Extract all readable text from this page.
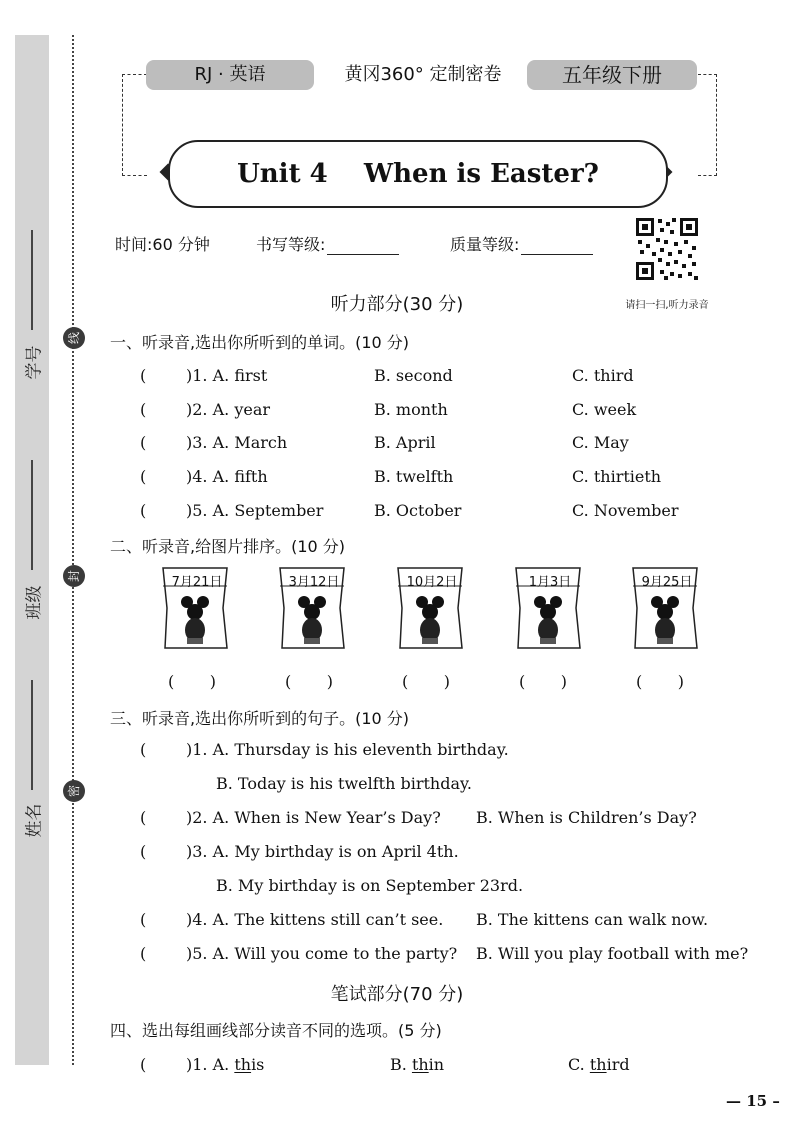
学号
班级
姓名
线
封
密
RJ · 英语	黄冈360° 定制密卷	五年级下册
Unit 4    When is Easter?
时间:60 分钟	书写等级:	质量等级:
请扫一扫,听力录音
听力部分(30 分)
一、听录音,选出你所听到的单词。(10 分)
( )1. A. first	B. second	C. third
( )2. A. year	B. month	C. week
( )3. A. March	B. April	C. May
( )4. A. fifth	B. twelfth	C. thirtieth
( )5. A. September	B. October	C. November
二、听录音,给图片排序。(10 分)
7月21日	3月12日	10月2日	1月3日	9月25日
(       )	(       )	(       )	(       )	(       )
三、听录音,选出你所听到的句子。(10 分)
( )1. A. Thursday is his eleventh birthday.
B. Today is his twelfth birthday.
( )2. A. When is New Year’s Day? B. When is Children’s Day?
( )3. A. My birthday is on April 4th.
B. My birthday is on September 23rd.
( )4. A. The kittens still can’t see. B. The kittens can walk now.
( )5. A. Will you come to the party? B. Will you play football with me?
笔试部分(70 分)
四、选出每组画线部分读音不同的选项。(5 分)
( )1. A. this	B. thin	C. third
— 15 –
